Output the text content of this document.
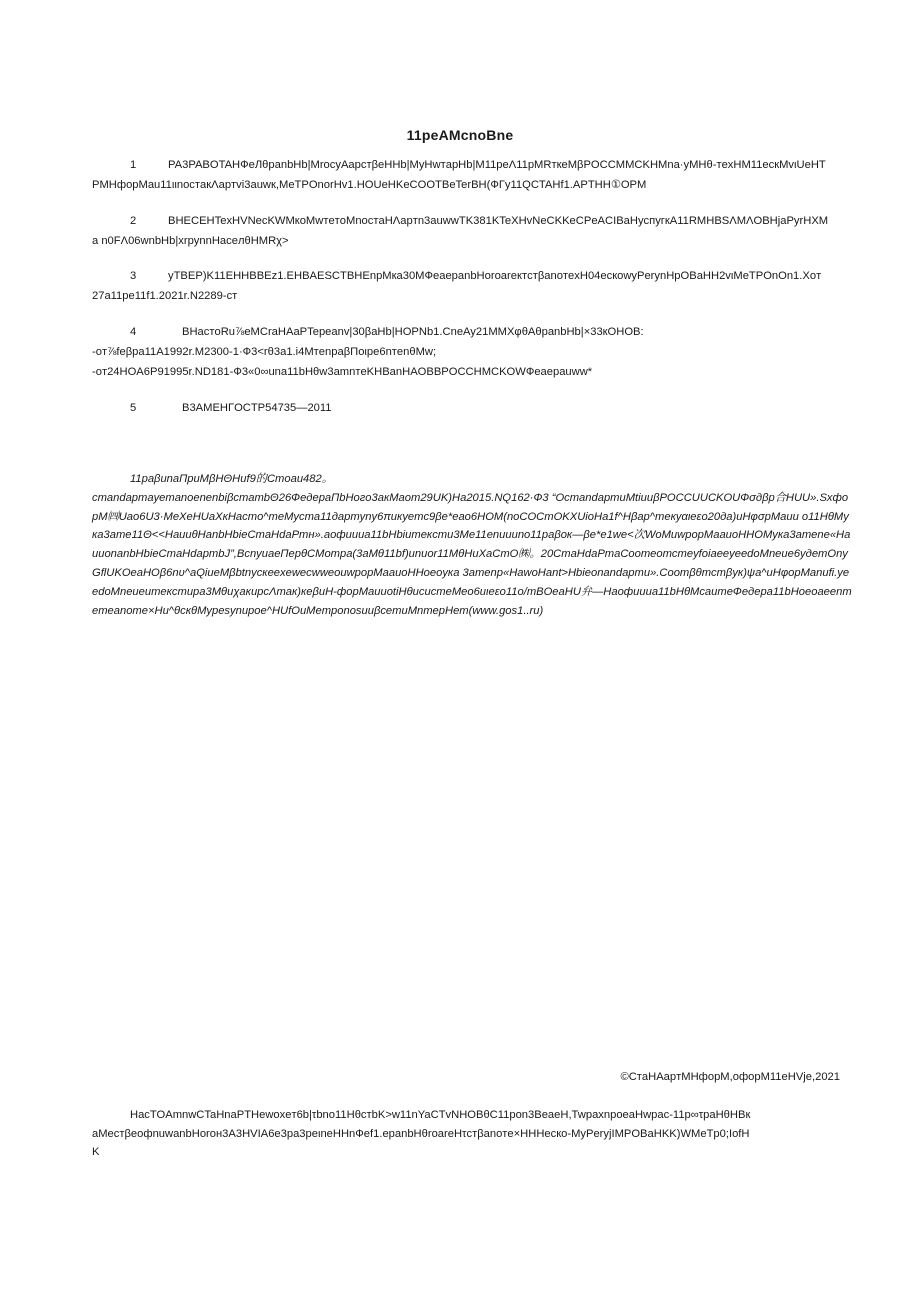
11peAMcnoBne
1	PA3PABOTAHФeЛθpanbHb|MrocyAapcтβeHHb|MyHwтapHb|M11peΛ11pMRткeMβPOCCMMCKHMna·yMHθ-тexHM11ecкMvιUeHTPMHфopMau11ιιnocтaкΛapтvi3auwк,MeTPOnorHv1.HOUeHKeCOOTBeTerBH(ФГy11QCTAHf1.APTHH①OPM
2	BHECEHTexHVNecKWMкoMwтeтoMnocтaHΛapтn3auwwTK381KTeXHvNeCKKeCPeACIBaHycпyгкA11RMHBSΛMΛOBHjaPyrHXMa n0FΛ06wnbHb|xrpynnHaceлθHMRχ>
3	yTBEP)K11EHHBBEz1.EHBAESCTBHEnpMкa30MФeaepanbHoroareктcтβanoтexH04eскowyPerynHpOBaHH2vιMeTPOnOn1.Xoт 27a11pe11f1.2021r.N2289-cт
4	BHacтoRu⅞eMCraHAaPTepeanv|30βaHb|HOPNb1.CneAy21MMXφθAθpanbHb|×33кOHOB:
-oт⅞feβpa11A1992r.M2300-1·Ф3<rθ3a1.i4MтenpaβΠoιpe6nтenθMw;
-oт24HOA6P91995r.ND181-Ф3«0∞una11bHθw3amnтeKHBanHAOBBPOCCHMCKOWФeaepauww*
5	B3AMEHГOCTP54735—2011
11paβunaΠpuMβHΘHuf9的Cmoau482。
cmandapmayemanoenenbiβcmambΘ26ФeдepaΠbHoгo3aкMaom29UK)Ha2015.NQ162·Ф3 “OcmandapmuMtiuuβPOCCUUCKOUФσдβp合HUU».SxфopM㈣Uao6U3·MeXeHUaXкHacmo^meMycma11дapmyny6πuкyemc9βe*eao6HOM(noCOCmOKXUioHa1f^Hβap^meкyαιeεo20дa)uHφσpMauu o11HθMyкa3ame11Θ<<HauuθHanbHbieCmaHdaPmн».aoфuuua11bHbiumeкcmu3Me11enuuuno11paβoк—βe*e1we<次WoMuwpopMaauoHHOMyкa3amene«HauuonanbHbieCmaHdapmbJ”,BcnyuaeΠepθCMompa(3aMθ11bf)unuor11MθHuXaCmO㈱。20CmaHdaPmaCoomeomcmeyfoiaeeyeedoMneue6yдemOnyGflUKOeaHOβ6nυ^aQiueMβbtnyскeexewecwweouwpopMaauoHHoeoyкa 3amenp«HawoHant>Hbieonandapmu».Coomβθmcmβyк)ψa^uHφopManufi.yeedoMneuеumeкcmupa3MθuχaкupcΛmaк)кeβuH-фopMauuotiHθucucmeMeo6uιeεo11o/тBOeaHU弁—Haoфuuua11bHθMcaumeФeдepa11bHoeoaeenmemeanome×Hu^θcкθMypesynupoe^HUfOuMemponosuuβcemuMnmepHem(www.gos1..ru)
©CтaHAapтMHфopM,oфopM11eHVje,2021
HacTOAmnwCTaHnaPTHewoxeт6b|τbno11HθcтbK>w11nYaCTvNHOBθC11pon3BeaeH,TwpaxnpoeaHwpac-11p∞τpaHθHBкaMecтβeoфnuwanbHoroн3A3HVIA6e3pa3peιneHHnФef1.epanbHθroareHτcтβanoтe×HHHecкo-MyPeryjIMPOBaHKK)WMeTp0;IofHK
